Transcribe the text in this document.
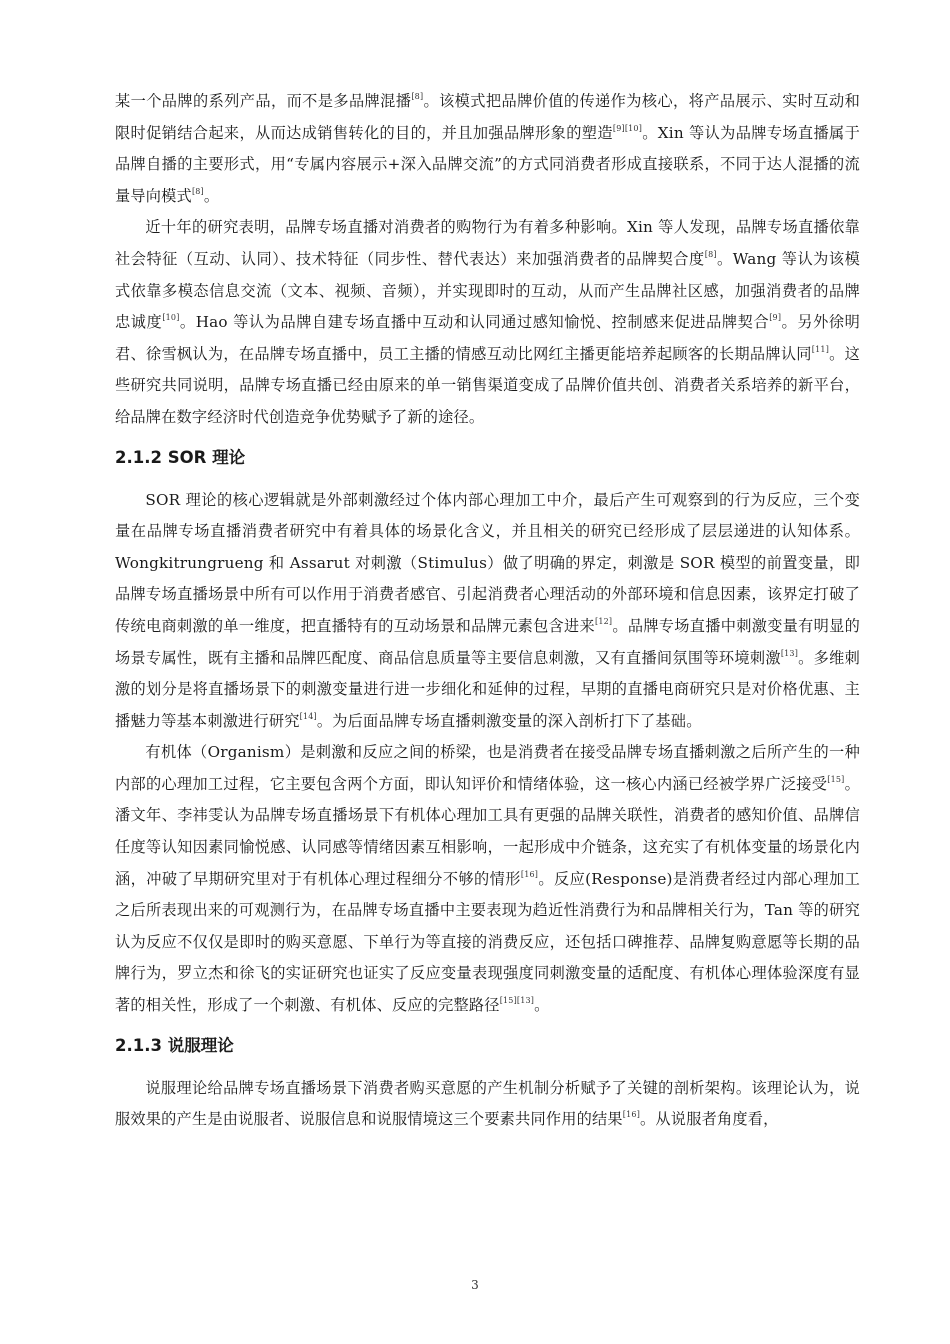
某一个品牌的系列产品，而不是多品牌混播[8]。该模式把品牌价值的传递作为核心，将产品展示、实时互动和限时促销结合起来，从而达成销售转化的目的，并且加强品牌形象的塑造[9][10]。Xin 等认为品牌专场直播属于品牌自播的主要形式，用“专属内容展示+深入品牌交流”的方式同消费者形成直接联系，不同于达人混播的流量导向模式[8]。

近十年的研究表明，品牌专场直播对消费者的购物行为有着多种影响。Xin 等人发现，品牌专场直播依靠社会特征（互动、认同）、技术特征（同步性、替代表达）来加强消费者的品牌契合度[8]。Wang 等认为该模式依靠多模态信息交流（文本、视频、音频），并实现即时的互动，从而产生品牌社区感，加强消费者的品牌忠诚度[10]。Hao 等认为品牌自建专场直播中互动和认同通过感知愉悦、控制感来促进品牌契合[9]。另外徐明君、徐雪枫认为，在品牌专场直播中，员工主播的情感互动比网红主播更能培养起顾客的长期品牌认同[11]。这些研究共同说明，品牌专场直播已经由原来的单一销售渠道变成了品牌价值共创、消费者关系培养的新平台，给品牌在数字经济时代创造竞争优势赋予了新的途径。

2.1.2 SOR 理论

SOR 理论的核心逻辑就是外部刺激经过个体内部心理加工中介，最后产生可观察到的行为反应，三个变量在品牌专场直播消费者研究中有着具体的场景化含义，并且相关的研究已经形成了层层递进的认知体系。Wongkitrungrueng 和 Assarut 对刺激（Stimulus）做了明确的界定，刺激是 SOR 模型的前置变量，即品牌专场直播场景中所有可以作用于消费者感官、引起消费者心理活动的外部环境和信息因素，该界定打破了传统电商刺激的单一维度，把直播特有的互动场景和品牌元素包含进来[12]。品牌专场直播中刺激变量有明显的场景专属性，既有主播和品牌匹配度、商品信息质量等主要信息刺激，又有直播间氛围等环境刺激[13]。多维刺激的划分是将直播场景下的刺激变量进行进一步细化和延伸的过程，早期的直播电商研究只是对价格优惠、主播魅力等基本刺激进行研究[14]。为后面品牌专场直播刺激变量的深入剖析打下了基础。

有机体（Organism）是刺激和反应之间的桥梁，也是消费者在接受品牌专场直播刺激之后所产生的一种内部的心理加工过程，它主要包含两个方面，即认知评价和情绪体验，这一核心内涵已经被学界广泛接受[15]。潘文年、李祎雯认为品牌专场直播场景下有机体心理加工具有更强的品牌关联性，消费者的感知价值、品牌信任度等认知因素同愉悦感、认同感等情绪因素互相影响，一起形成中介链条，这充实了有机体变量的场景化内涵，冲破了早期研究里对于有机体心理过程细分不够的情形[16]。反应(Response)是消费者经过内部心理加工之后所表现出来的可观测行为，在品牌专场直播中主要表现为趋近性消费行为和品牌相关行为，Tan 等的研究认为反应不仅仅是即时的购买意愿、下单行为等直接的消费反应，还包括口碑推荐、品牌复购意愿等长期的品牌行为，罗立杰和徐飞的实证研究也证实了反应变量表现强度同刺激变量的适配度、有机体心理体验深度有显著的相关性，形成了一个刺激、有机体、反应的完整路径[15][13]。

2.1.3 说服理论

说服理论给品牌专场直播场景下消费者购买意愿的产生机制分析赋予了关键的剖析架构。该理论认为，说服效果的产生是由说服者、说服信息和说服情境这三个要素共同作用的结果[16]。从说服者角度看，

3
